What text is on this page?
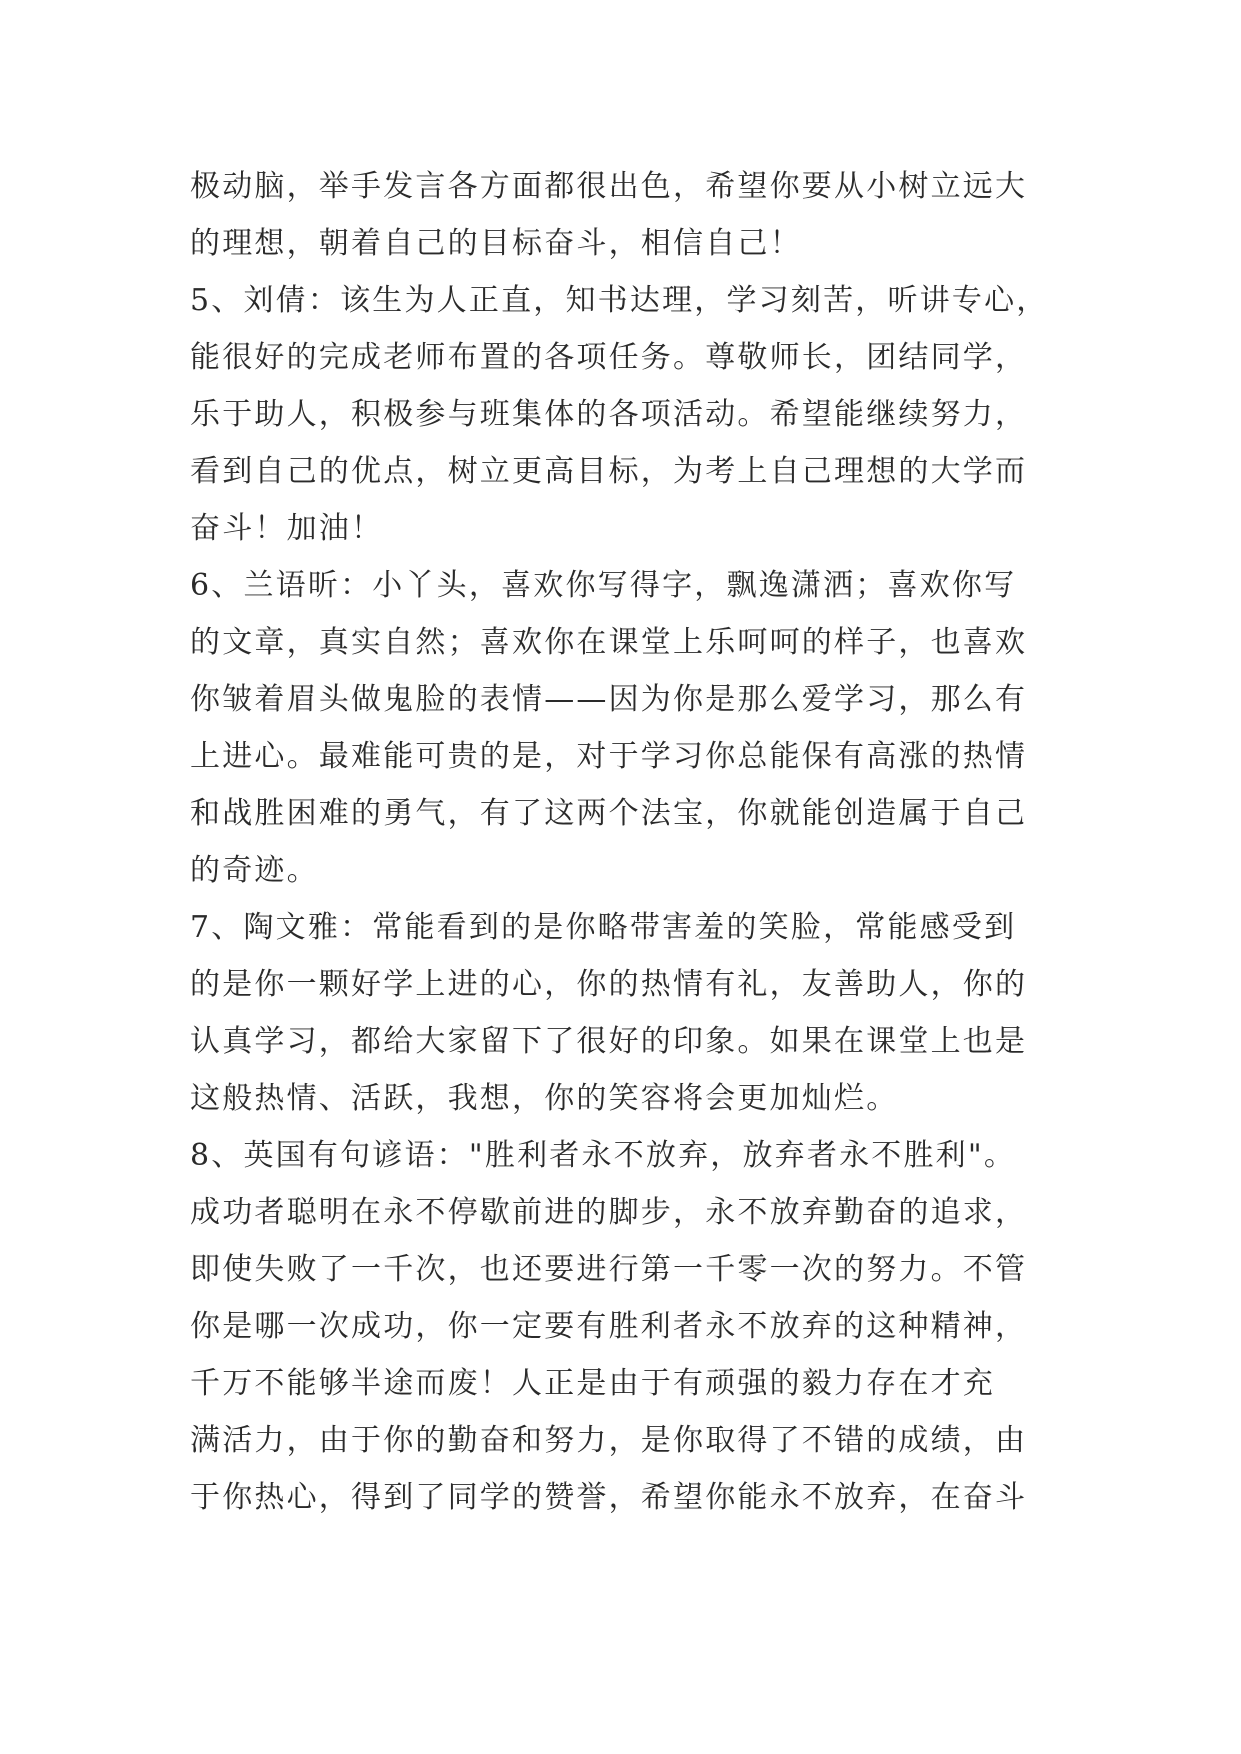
极动脑，举手发言各方面都很出色，希望你要从小树立远大
的理想，朝着自己的目标奋斗，相信自己！
5、刘倩：该生为人正直，知书达理，学习刻苦，听讲专心，
能很好的完成老师布置的各项任务。尊敬师长，团结同学，
乐于助人，积极参与班集体的各项活动。希望能继续努力，
看到自己的优点，树立更高目标，为考上自己理想的大学而
奋斗！加油！
6、兰语昕：小丫头，喜欢你写得字，飘逸潇洒；喜欢你写
的文章，真实自然；喜欢你在课堂上乐呵呵的样子，也喜欢
你皱着眉头做鬼脸的表情——因为你是那么爱学习，那么有
上进心。最难能可贵的是，对于学习你总能保有高涨的热情
和战胜困难的勇气，有了这两个法宝，你就能创造属于自己
的奇迹。
7、陶文雅：常能看到的是你略带害羞的笑脸，常能感受到
的是你一颗好学上进的心，你的热情有礼，友善助人，你的
认真学习，都给大家留下了很好的印象。如果在课堂上也是
这般热情、活跃，我想，你的笑容将会更加灿烂。
8、英国有句谚语："胜利者永不放弃，放弃者永不胜利"。
成功者聪明在永不停歇前进的脚步，永不放弃勤奋的追求，
即使失败了一千次，也还要进行第一千零一次的努力。不管
你是哪一次成功，你一定要有胜利者永不放弃的这种精神，
千万不能够半途而废！人正是由于有顽强的毅力存在才充
满活力，由于你的勤奋和努力，是你取得了不错的成绩，由
于你热心，得到了同学的赞誉，希望你能永不放弃，在奋斗
